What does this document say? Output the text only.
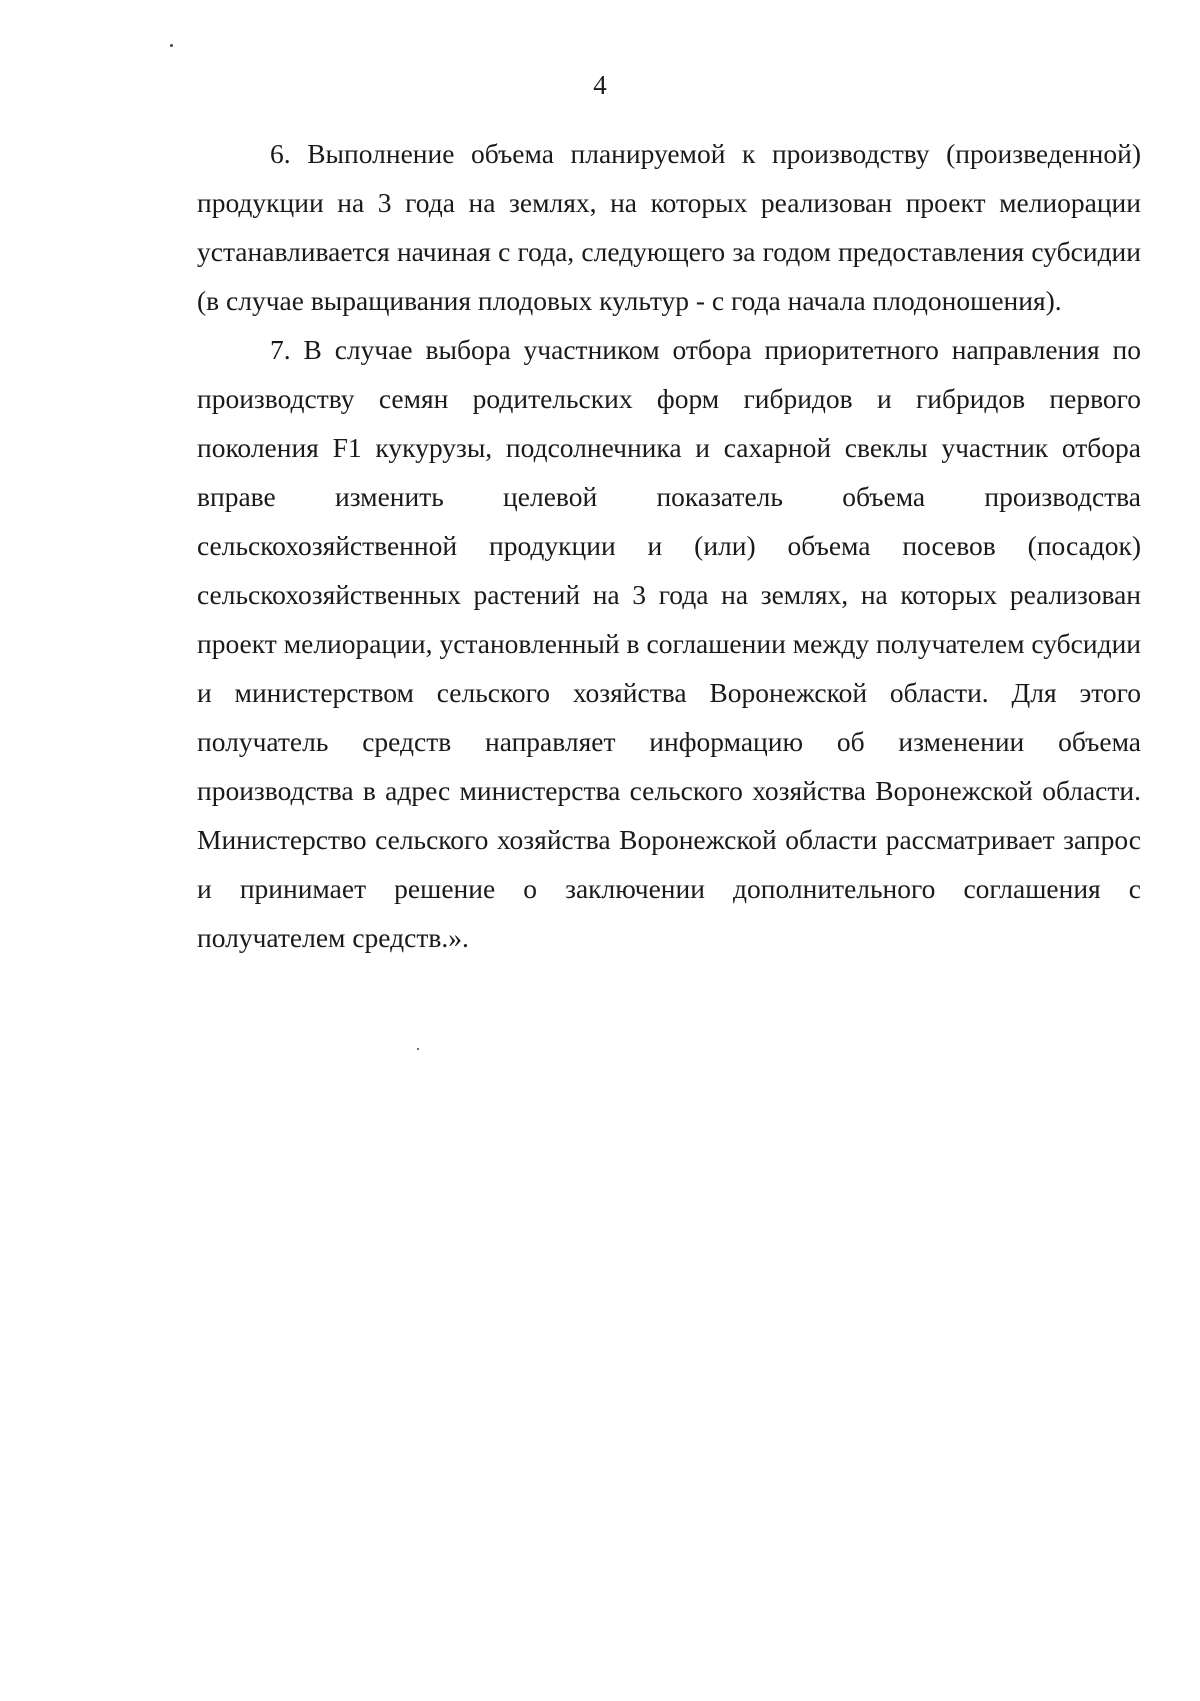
4

6. Выполнение объема планируемой к производству (произведенной) продукции на 3 года на землях, на которых реализован проект мелиорации устанавливается начиная с года, следующего за годом предоставления субсидии (в случае выращивания плодовых культур - с года начала плодоношения).

7. В случае выбора участником отбора приоритетного направления по производству семян родительских форм гибридов и гибридов первого поколения F1 кукурузы, подсолнечника и сахарной свеклы участник отбора вправе изменить целевой показатель объема производства сельскохозяйственной продукции и (или) объема посевов (посадок) сельскохозяйственных растений на 3 года на землях, на которых реализован проект мелиорации, установленный в соглашении между получателем субсидии и министерством сельского хозяйства Воронежской области. Для этого получатель средств направляет информацию об изменении объема производства в адрес министерства сельского хозяйства Воронежской области. Министерство сельского хозяйства Воронежской области рассматривает запрос и принимает решение о заключении дополнительного соглашения с получателем средств.».
